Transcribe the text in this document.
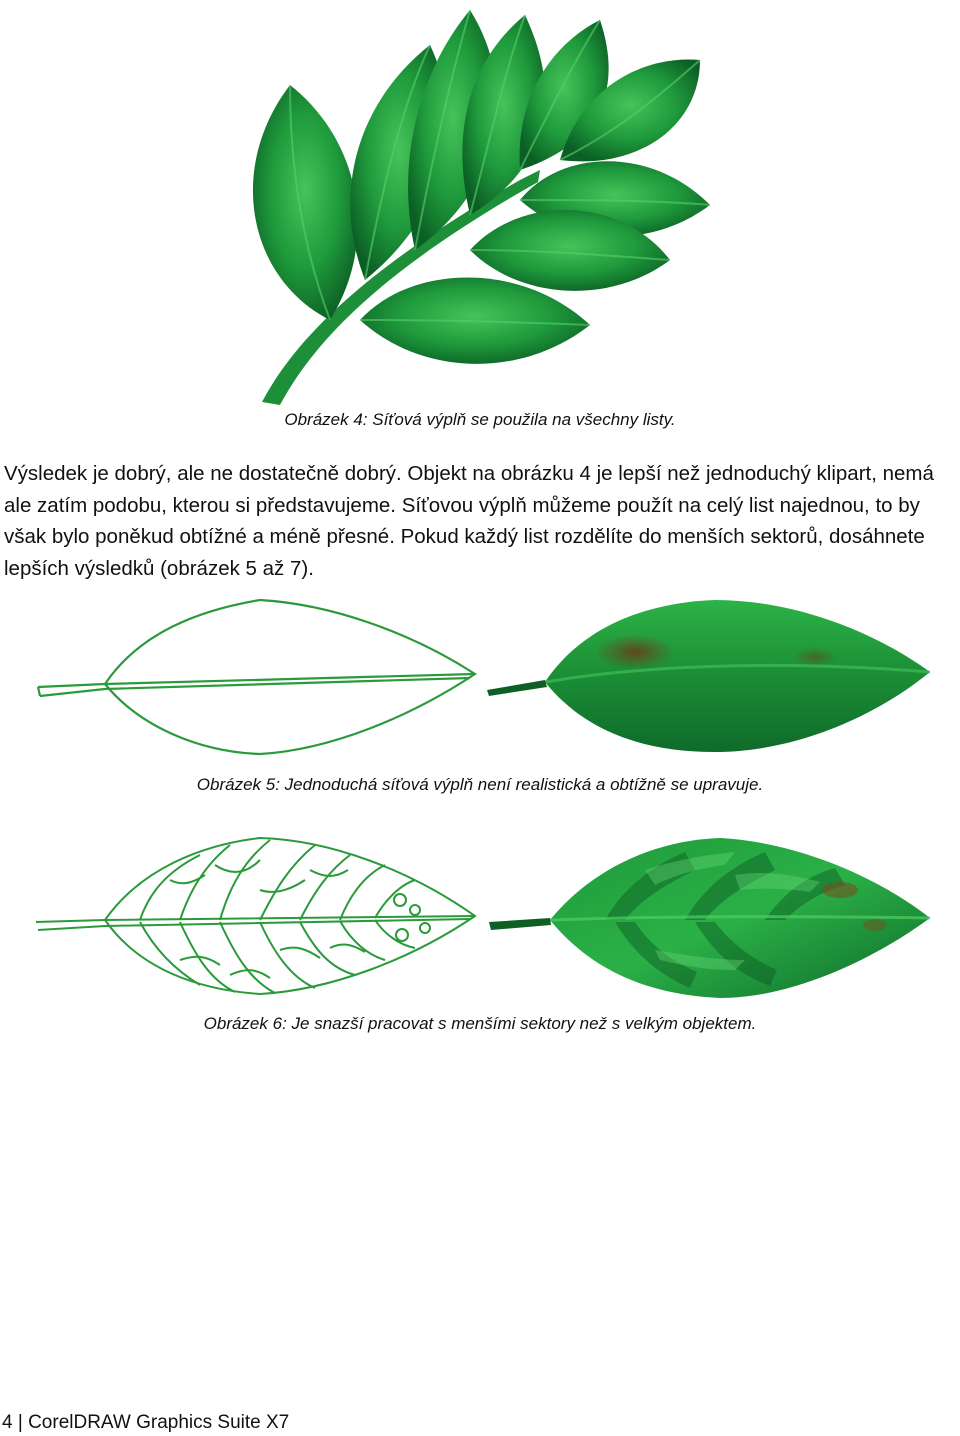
Obrázek 4: Síťová výplň se použila na všechny listy.

Výsledek je dobrý, ale ne dostatečně dobrý. Objekt na obrázku 4 je lepší než jednoduchý klipart, nemá ale zatím podobu, kterou si představujeme. Síťovou výplň můžeme použít na celý list najednou, to by však bylo poněkud obtížné a méně přesné. Pokud každý list rozdělíte do menších sektorů, dosáhnete lepších výsledků (obrázek 5 až 7).

Obrázek 5: Jednoduchá síťová výplň není realistická a obtížně se upravuje.
Obrázek 6: Je snazší pracovat s menšími sektory než s velkým objektem.
4 | CorelDRAW Graphics Suite X7
